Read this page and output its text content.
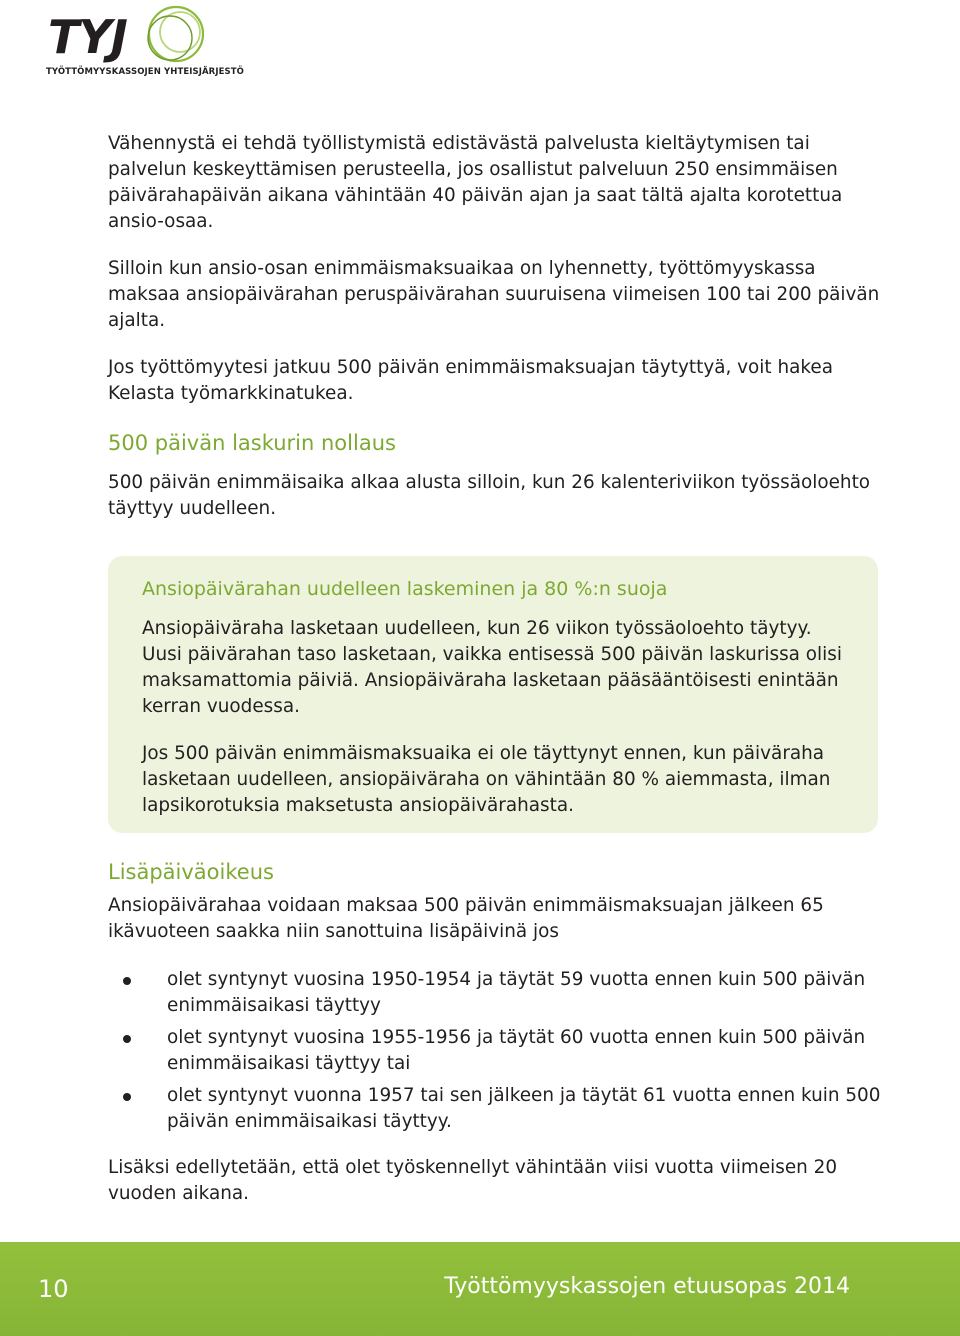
TYJ
TYÖTTÖMYYSKASSOJEN YHTEISJÄRJESTÖ

Vähennystä ei tehdä työllistymistä edistävästä palvelusta kieltäytymisen tai palvelun keskeyttämisen perusteella, jos osallistut palveluun 250 ensimmäisen päivärahapäivän aikana vähintään 40 päivän ajan ja saat tältä ajalta korotettua ansio-osaa.

Silloin kun ansio-osan enimmäismaksuaikaa on lyhennetty, työttömyyskassa maksaa ansiopäivärahan peruspäivärahan suuruisena viimeisen 100 tai 200 päivän ajalta.

Jos työttömyytesi jatkuu 500 päivän enimmäismaksuajan täytyttyä, voit hakea Kelasta työmarkkinatukea.

500 päivän laskurin nollaus

500 päivän enimmäisaika alkaa alusta silloin, kun 26 kalenteriviikon työssäoloehto täyttyy uudelleen.

Ansiopäivärahan uudelleen laskeminen ja 80 %:n suoja

Ansiopäiväraha lasketaan uudelleen, kun 26 viikon työssäoloehto täytyy. Uusi päivärahan taso lasketaan, vaikka entisessä 500 päivän laskurissa olisi maksamattomia päiviä. Ansiopäiväraha lasketaan pääsääntöisesti enintään kerran vuodessa.

Jos 500 päivän enimmäismaksuaika ei ole täyttynyt ennen, kun päiväraha lasketaan uudelleen, ansiopäiväraha on vähintään 80 % aiemmasta, ilman lapsikorotuksia maksetusta ansiopäivärahasta.

Lisäpäiväoikeus

Ansiopäivärahaa voidaan maksaa 500 päivän enimmäismaksuajan jälkeen 65 ikävuoteen saakka niin sanottuina lisäpäivinä jos

olet syntynyt vuosina 1950-1954 ja täytät 59 vuotta ennen kuin 500 päivän enimmäisaikasi täyttyy
olet syntynyt vuosina 1955-1956 ja täytät 60 vuotta ennen kuin 500 päivän enimmäisaikasi täyttyy tai
olet syntynyt vuonna 1957 tai sen jälkeen ja täytät 61 vuotta ennen kuin 500 päivän enimmäisaikasi täyttyy.

Lisäksi edellytetään, että olet työskennellyt vähintään viisi vuotta viimeisen 20 vuoden aikana.

10	Työttömyyskassojen etuusopas 2014
